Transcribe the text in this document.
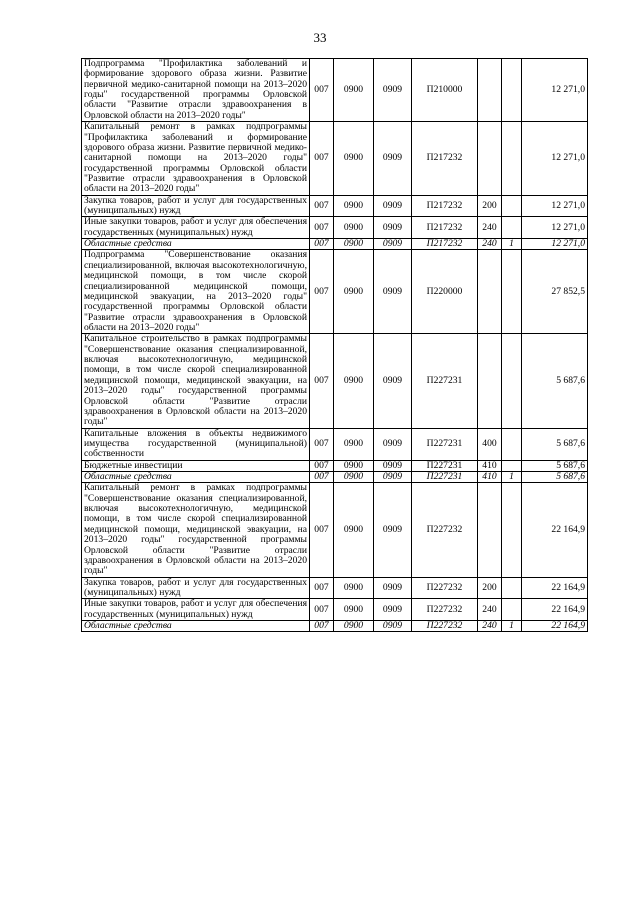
33
Подпрограмма "Профилактика заболеваний и формирование здорового образа жизни. Развитие первичной медико-санитарной помощи на 2013–2020 годы" государственной программы Орловской области "Развитие отрасли здравоохранения в Орловской области на 2013–2020 годы"	007	0900	0909	П210000			12 271,0
Капитальный ремонт в рамках подпрограммы "Профилактика заболеваний и формирование здорового образа жизни. Развитие первичной медико-санитарной помощи на 2013–2020 годы" государственной программы Орловской области "Развитие отрасли здравоохранения в Орловской области на 2013–2020 годы"	007	0900	0909	П217232			12 271,0
Закупка товаров, работ и услуг для государственных (муниципальных) нужд	007	0900	0909	П217232	200		12 271,0
Иные закупки товаров, работ и услуг для обеспечения государственных (муниципальных) нужд	007	0900	0909	П217232	240		12 271,0
Областные средства	007	0900	0909	П217232	240	1	12 271,0
Подпрограмма "Совершенствование оказания специализированной, включая высокотехнологичную, медицинской помощи, в том числе скорой специализированной медицинской помощи, медицинской эвакуации, на 2013–2020 годы" государственной программы Орловской области "Развитие отрасли здравоохранения в Орловской области на 2013–2020 годы"	007	0900	0909	П220000			27 852,5
Капитальное строительство в рамках подпрограммы "Совершенствование оказания специализированной, включая высокотехнологичную, медицинской помощи, в том числе скорой специализированной медицинской помощи, медицинской эвакуации, на 2013–2020 годы" государственной программы Орловской области "Развитие отрасли здравоохранения в Орловской области на 2013–2020 годы"	007	0900	0909	П227231			5 687,6
Капитальные вложения в объекты недвижимого имущества государственной (муниципальной) собственности	007	0900	0909	П227231	400		5 687,6
Бюджетные инвестиции	007	0900	0909	П227231	410		5 687,6
Областные средства	007	0900	0909	П227231	410	1	5 687,6
Капитальный ремонт в рамках подпрограммы "Совершенствование оказания специализированной, включая высокотехнологичную, медицинской помощи, в том числе скорой специализированной медицинской помощи, медицинской эвакуации, на 2013–2020 годы" государственной программы Орловской области "Развитие отрасли здравоохранения в Орловской области на 2013–2020 годы"	007	0900	0909	П227232			22 164,9
Закупка товаров, работ и услуг для государственных (муниципальных) нужд	007	0900	0909	П227232	200		22 164,9
Иные закупки товаров, работ и услуг для обеспечения государственных (муниципальных) нужд	007	0900	0909	П227232	240		22 164,9
Областные средства	007	0900	0909	П227232	240	1	22 164,9
